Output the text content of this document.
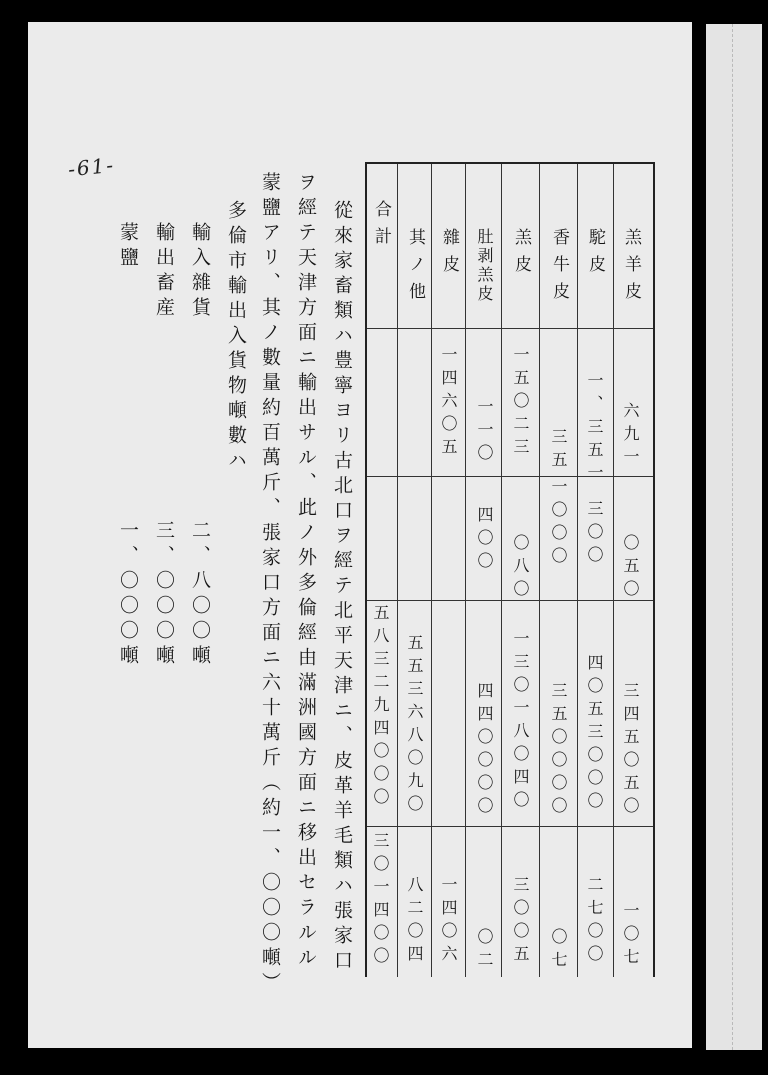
-61-
從來家畜類ハ豊寧ヨリ古北口ヲ經テ北平天津ニ、皮革羊毛類ハ張家口
ヲ經テ天津方面ニ輸出サル、此ノ外多倫經由滿洲國方面ニ移出セラルル
蒙鹽アリ、其ノ數量約百萬斤、張家口方面ニ六十萬斤（約一、〇〇〇噸）
多倫市輸出入貨物噸數ハ
輸入雜貨
二、八〇〇噸
輸出畜産
三、〇〇〇噸
蒙鹽
一、〇〇〇噸
合計
羔羊皮
駝皮
香牛皮
羔皮
肚剥羔皮
雜皮
其ノ他
六九一
一、三五一
三五
一五〇二三
一一〇
一四六〇五
〇五〇
三〇〇
一〇〇〇
〇八〇
四〇〇
三四五〇五〇
四〇五三〇〇〇
三五〇〇〇〇
一三〇一八〇四〇
四四〇〇〇〇
五五三六八〇九〇
五八三二九四〇〇〇
一〇七
二七〇〇
〇七
三〇〇五
〇二
一四〇六
八二〇四
三〇一四〇〇
